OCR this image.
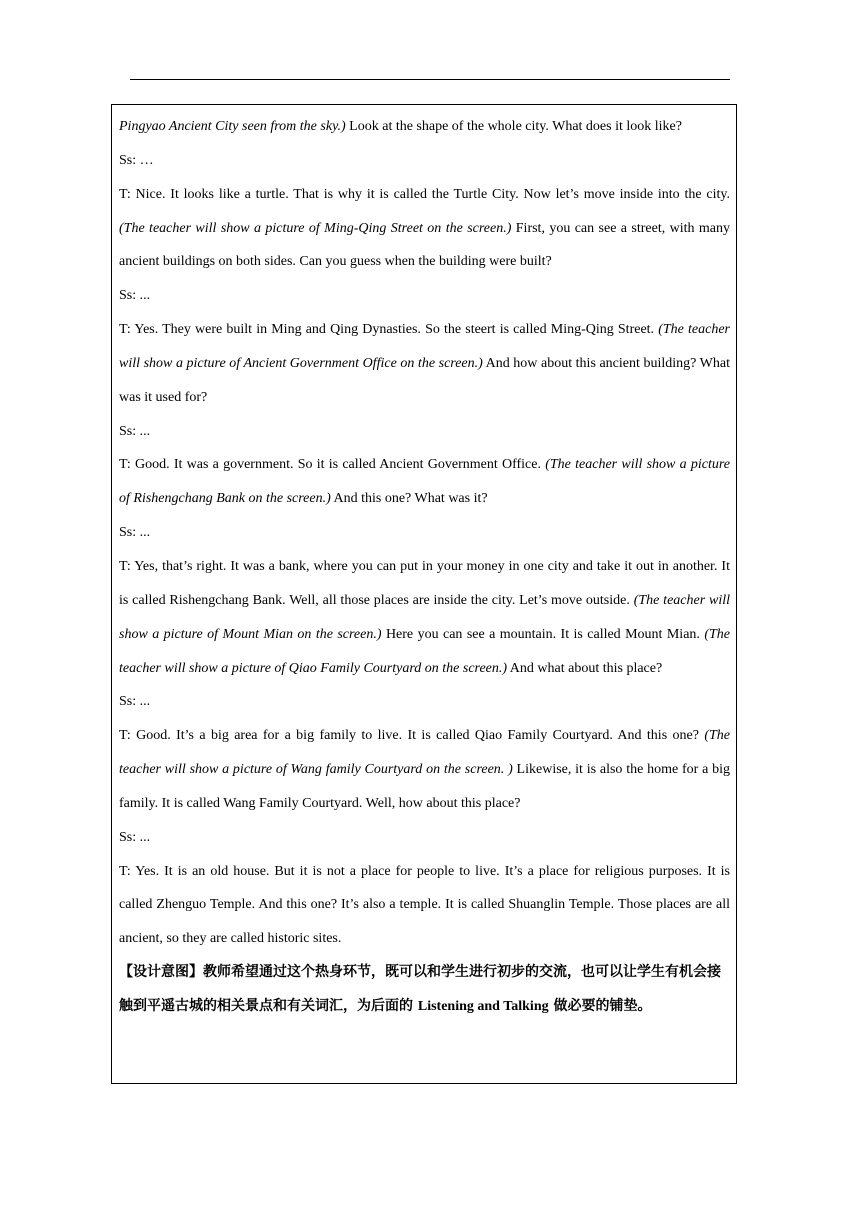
Pingyao Ancient City seen from the sky.) Look at the shape of the whole city. What does it look like?

Ss: …

T: Nice. It looks like a turtle. That is why it is called the Turtle City. Now let’s move inside into the city. (The teacher will show a picture of Ming-Qing Street on the screen.) First, you can see a street, with many ancient buildings on both sides. Can you guess when the building were built?

Ss: ...

T: Yes. They were built in Ming and Qing Dynasties. So the steert is called Ming-Qing Street. (The teacher will show a picture of Ancient Government Office on the screen.) And how about this ancient building? What was it used for?

Ss: ...

T: Good. It was a government. So it is called Ancient Government Office. (The teacher will show a picture of Rishengchang Bank on the screen.) And this one? What was it?

Ss: ...

T: Yes, that’s right. It was a bank, where you can put in your money in one city and take it out in another. It is called Rishengchang Bank. Well, all those places are inside the city. Let’s move outside. (The teacher will show a picture of Mount Mian on the screen.) Here you can see a mountain. It is called Mount Mian. (The teacher will show a picture of Qiao Family Courtyard on the screen.) And what about this place?

Ss: ...

T: Good. It’s a big area for a big family to live. It is called Qiao Family Courtyard. And this one? (The teacher will show a picture of Wang family Courtyard on the screen. ) Likewise, it is also the home for a big family. It is called Wang Family Courtyard. Well, how about this place?

Ss: ...

T: Yes. It is an old house. But it is not a place for people to live. It’s a place for religious purposes. It is called Zhenguo Temple. And this one? It’s also a temple. It is called Shuanglin Temple. Those places are all ancient, so they are called historic sites.

【设计意图】教师希望通过这个热身环节，既可以和学生进行初步的交流，也可以让学生有机会接触到平遥古城的相关景点和有关词汇，为后面的 Listening and Talking 做必要的铺垫。
